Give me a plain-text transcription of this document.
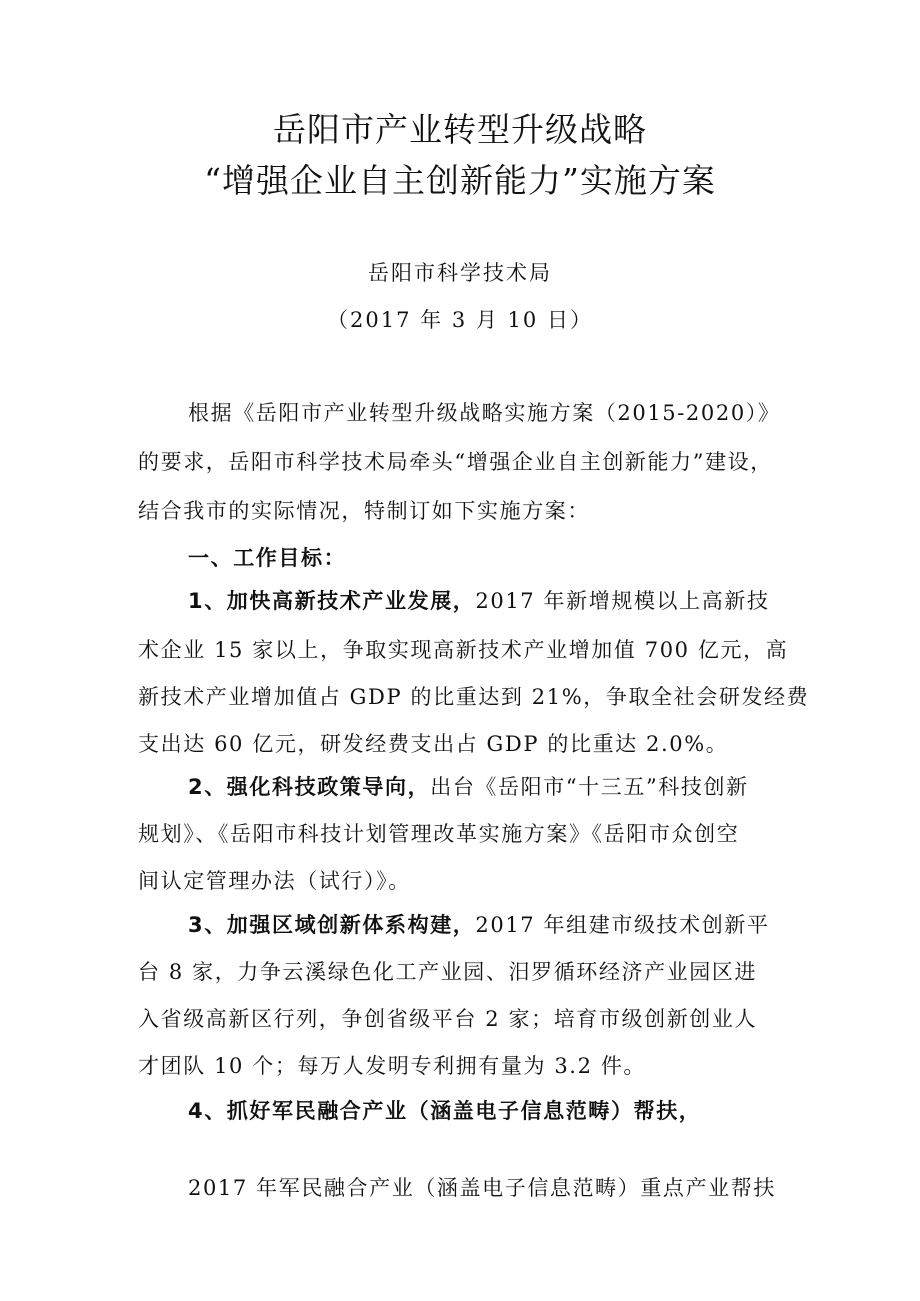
岳阳市产业转型升级战略
“增强企业自主创新能力”实施方案
岳阳市科学技术局
（2017 年 3 月 10 日）
根据《岳阳市产业转型升级战略实施方案（2015-2020）》
的要求，岳阳市科学技术局牵头“增强企业自主创新能力”建设，
结合我市的实际情况，特制订如下实施方案：
一、工作目标：
1、加快高新技术产业发展，2017 年新增规模以上高新技
术企业 15 家以上，争取实现高新技术产业增加值 700 亿元，高
新技术产业增加值占 GDP 的比重达到 21%，争取全社会研发经费
支出达 60 亿元，研发经费支出占 GDP 的比重达 2.0%。
2、强化科技政策导向，出台《岳阳市“十三五”科技创新
规划》、《岳阳市科技计划管理改革实施方案》《岳阳市众创空
间认定管理办法（试行）》。
3、加强区域创新体系构建，2017 年组建市级技术创新平
台 8 家，力争云溪绿色化工产业园、汨罗循环经济产业园区进
入省级高新区行列，争创省级平台 2 家；培育市级创新创业人
才团队 10 个；每万人发明专利拥有量为 3.2 件。
4、抓好军民融合产业（涵盖电子信息范畴）帮扶，
2017 年军民融合产业（涵盖电子信息范畴）重点产业帮扶
